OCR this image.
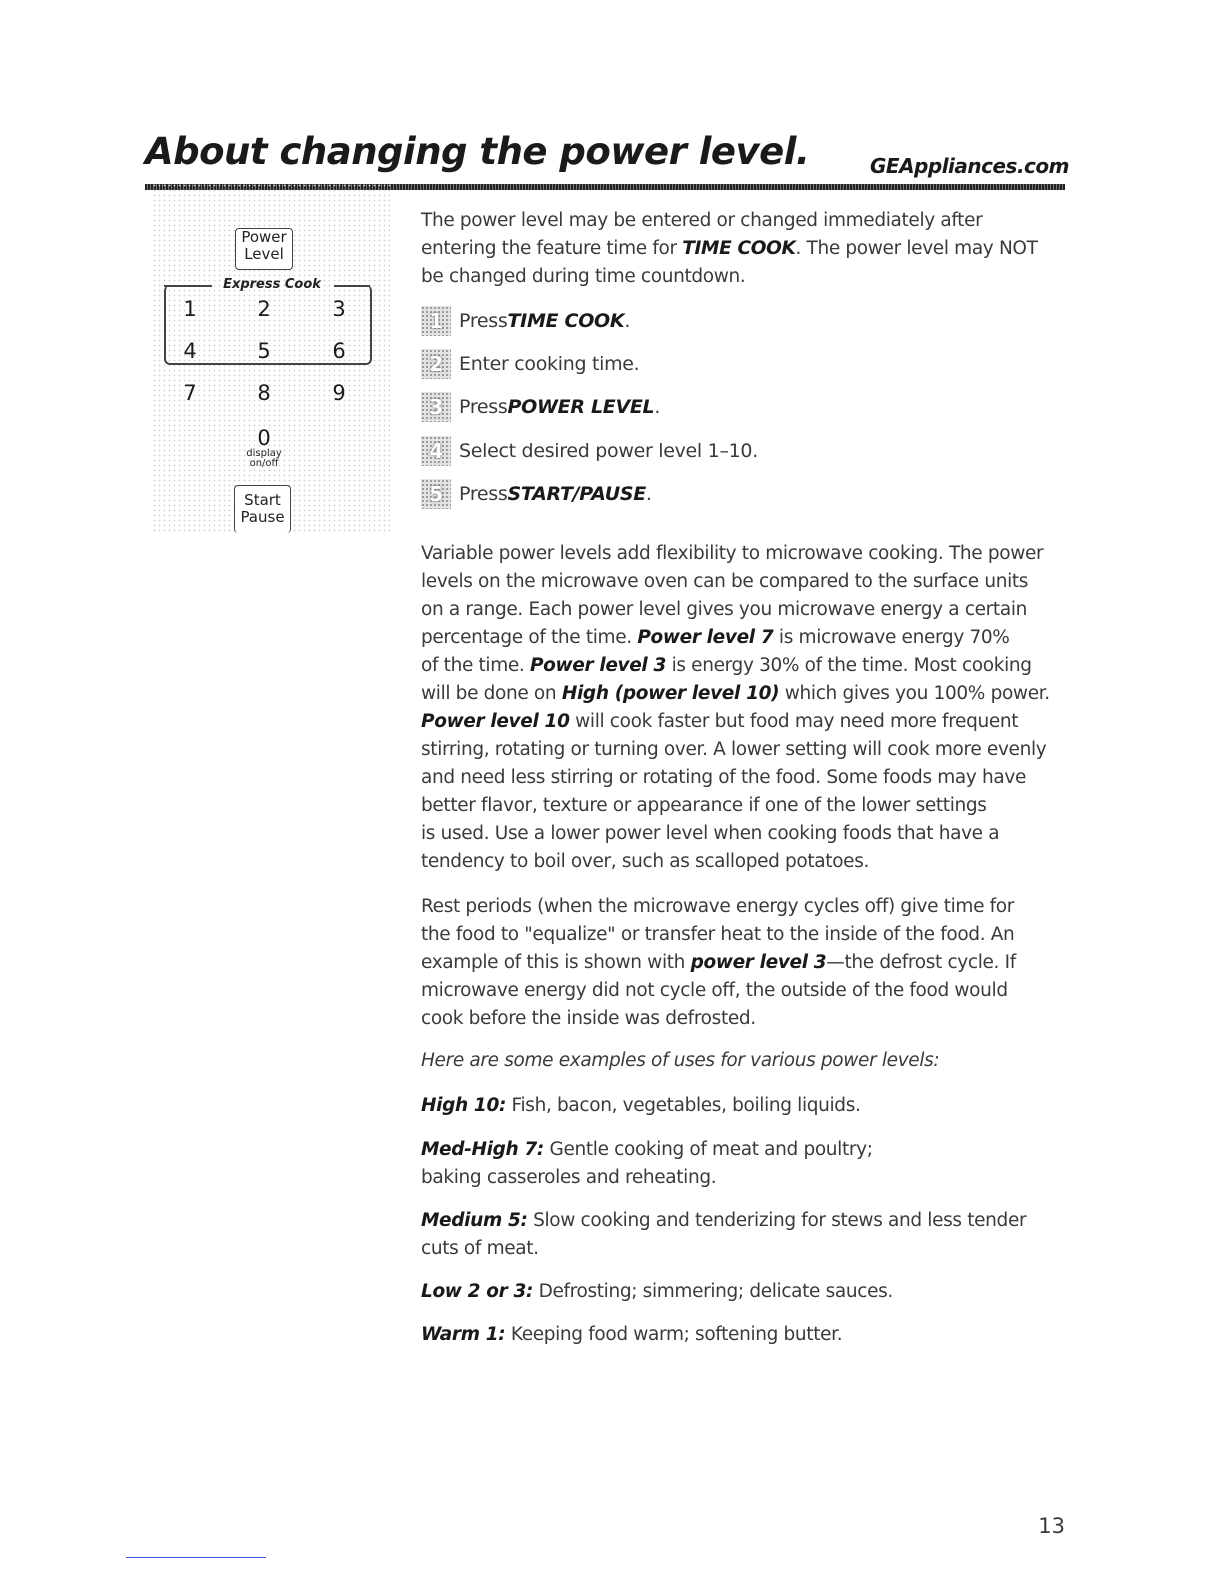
About changing the power level.	GEAppliances.com
Power
Level
Express Cook
1	2	3
4	5	6
7	8	9
0
display
on/off
Start
Pause
The power level may be entered or changed immediately after
entering the feature time for TIME COOK. The power level may NOT
be changed during time countdown.
1 Press TIME COOK .
2 Enter cooking time.
3 Press POWER LEVEL .
4 Select desired power level 1–10.
5 Press START/PAUSE .
Variable power levels add flexibility to microwave cooking. The power
levels on the microwave oven can be compared to the surface units
on a range. Each power level gives you microwave energy a certain
percentage of the time. Power level 7 is microwave energy 70%
of the time. Power level 3 is energy 30% of the time. Most cooking
will be done on High (power level 10) which gives you 100% power.
Power level 10 will cook faster but food may need more frequent
stirring, rotating or turning over. A lower setting will cook more evenly
and need less stirring or rotating of the food. Some foods may have
better flavor, texture or appearance if one of the lower settings
is used. Use a lower power level when cooking foods that have a
tendency to boil over, such as scalloped potatoes.
Rest periods (when the microwave energy cycles off) give time for
the food to "equalize" or transfer heat to the inside of the food. An
example of this is shown with power level 3—the defrost cycle. If
microwave energy did not cycle off, the outside of the food would
cook before the inside was defrosted.
Here are some examples of uses for various power levels:
High 10: Fish, bacon, vegetables, boiling liquids.
Med-High 7: Gentle cooking of meat and poultry;
baking casseroles and reheating.
Medium 5: Slow cooking and tenderizing for stews and less tender
cuts of meat.
Low 2 or 3: Defrosting; simmering; delicate sauces.
Warm 1: Keeping food warm; softening butter.
13
